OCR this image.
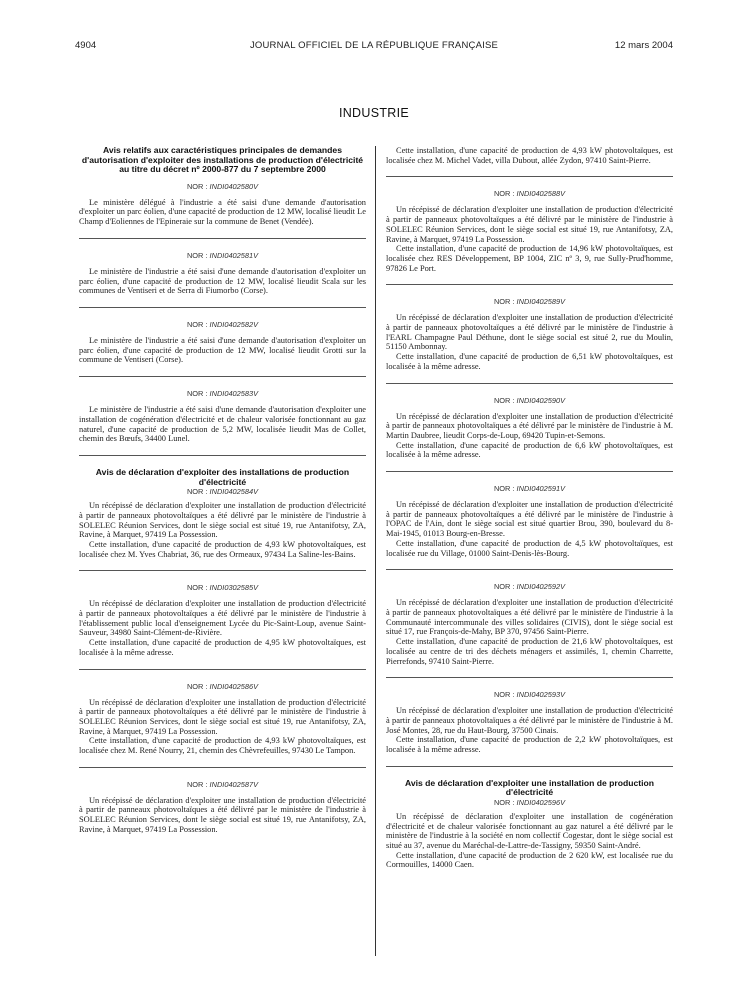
4904	JOURNAL OFFICIEL DE LA RÉPUBLIQUE FRANÇAISE	12 mars 2004
INDUSTRIE

Avis relatifs aux caractéristiques principales de demandes d'autorisation d'exploiter des installations de production d'électricité au titre du décret nº 2000-877 du 7 septembre 2000

NOR : INDI0402580V

Le ministère délégué à l'industrie a été saisi d'une demande d'autorisation d'exploiter un parc éolien, d'une capacité de production de 12 MW, localisé lieudit Le Champ d'Eoliennes de l'Epineraie sur la commune de Benet (Vendée).

NOR : INDI0402581V

Le ministère de l'industrie a été saisi d'une demande d'autorisation d'exploiter un parc éolien, d'une capacité de production de 12 MW, localisé lieudit Scala sur les communes de Ventiseri et de Serra di Fiumorbo (Corse).

NOR : INDI0402582V

Le ministère de l'industrie a été saisi d'une demande d'autorisation d'exploiter un parc éolien, d'une capacité de production de 12 MW, localisé lieudit Grotti sur la commune de Ventiseri (Corse).

NOR : INDI0402583V

Le ministère de l'industrie a été saisi d'une demande d'autorisation d'exploiter une installation de cogénération d'électricité et de chaleur valorisée fonctionnant au gaz naturel, d'une capacité de production de 5,2 MW, localisée lieudit Mas de Collet, chemin des Bœufs, 34400 Lunel.

Avis de déclaration d'exploiter des installations de production d'électricité

NOR : INDI0402584V

Un récépissé de déclaration d'exploiter une installation de production d'électricité à partir de panneaux photovoltaïques a été délivré par le ministère de l'industrie à SOLELEC Réunion Services, dont le siège social est situé 19, rue Antanifotsy, ZA, Ravine, à Marquet, 97419 La Possession.

Cette installation, d'une capacité de production de 4,93 kW photovoltaïques, est localisée chez M. Yves Chabriat, 36, rue des Ormeaux, 97434 La Saline-les-Bains.

NOR : INDI0302585V

Un récépissé de déclaration d'exploiter une installation de production d'électricité à partir de panneaux photovoltaïques a été délivré par le ministère de l'industrie à l'établissement public local d'enseignement Lycée du Pic-Saint-Loup, avenue Saint-Sauveur, 34980 Saint-Clément-de-Rivière.

Cette installation, d'une capacité de production de 4,95 kW photovoltaïques, est localisée à la même adresse.

NOR : INDI0402586V

Un récépissé de déclaration d'exploiter une installation de production d'électricité à partir de panneaux photovoltaïques a été délivré par le ministère de l'industrie à SOLELEC Réunion Services, dont le siège social est situé 19, rue Antanifotsy, ZA, Ravine, à Marquet, 97419 La Possession.

Cette installation, d'une capacité de production de 4,93 kW photovoltaïques, est localisée chez M. René Nourry, 21, chemin des Chèvrefeuilles, 97430 Le Tampon.

NOR : INDI0402587V

Un récépissé de déclaration d'exploiter une installation de production d'électricité à partir de panneaux photovoltaïques a été délivré par le ministère de l'industrie à SOLELEC Réunion Services, dont le siège social est situé 19, rue Antanifotsy, ZA, Ravine, à Marquet, 97419 La Possession.

Cette installation, d'une capacité de production de 4,93 kW photovoltaïques, est localisée chez M. Michel Vadet, villa Dubout, allée Zydon, 97410 Saint-Pierre.

NOR : INDI0402588V

Un récépissé de déclaration d'exploiter une installation de production d'électricité à partir de panneaux photovoltaïques a été délivré par le ministère de l'industrie à SOLELEC Réunion Services, dont le siège social est situé 19, rue Antanifotsy, ZA, Ravine, à Marquet, 97419 La Possession.

Cette installation, d'une capacité de production de 14,96 kW photovoltaïques, est localisée chez RES Développement, BP 1004, ZIC nº 3, 9, rue Sully-Prud'homme, 97826 Le Port.

NOR : INDI0402589V

Un récépissé de déclaration d'exploiter une installation de production d'électricité à partir de panneaux photovoltaïques a été délivré par le ministère de l'industrie à l'EARL Champagne Paul Déthune, dont le siège social est situé 2, rue du Moulin, 51150 Ambonnay.

Cette installation, d'une capacité de production de 6,51 kW photovoltaïques, est localisée à la même adresse.

NOR : INDI0402590V

Un récépissé de déclaration d'exploiter une installation de production d'électricité à partir de panneaux photovoltaïques a été délivré par le ministère de l'industrie à M. Martin Daubree, lieudit Corps-de-Loup, 69420 Tupin-et-Semons.

Cette installation, d'une capacité de production de 6,6 kW photovoltaïques, est localisée à la même adresse.

NOR : INDI0402591V

Un récépissé de déclaration d'exploiter une installation de production d'électricité à partir de panneaux photovoltaïques a été délivré par le ministère de l'industrie à l'OPAC de l'Ain, dont le siège social est situé quartier Brou, 390, boulevard du 8-Mai-1945, 01013 Bourg-en-Bresse.

Cette installation, d'une capacité de production de 4,5 kW photovoltaïques, est localisée rue du Village, 01000 Saint-Denis-lès-Bourg.

NOR : INDI0402592V

Un récépissé de déclaration d'exploiter une installation de production d'électricité à partir de panneaux photovoltaïques a été délivré par le ministère de l'industrie à la Communauté intercommunale des villes solidaires (CIVIS), dont le siège social est situé 17, rue François-de-Mahy, BP 370, 97456 Saint-Pierre.

Cette installation, d'une capacité de production de 21,6 kW photovoltaïques, est localisée au centre de tri des déchets ménagers et assimilés, 1, chemin Charrette, Pierrefonds, 97410 Saint-Pierre.

NOR : INDI0402593V

Un récépissé de déclaration d'exploiter une installation de production d'électricité à partir de panneaux photovoltaïques a été délivré par le ministère de l'industrie à M. José Montes, 28, rue du Haut-Bourg, 37500 Cinais.

Cette installation, d'une capacité de production de 2,2 kW photovoltaïques, est localisée à la même adresse.

Avis de déclaration d'exploiter une installation de production d'électricité

NOR : INDI0402596V

Un récépissé de déclaration d'exploiter une installation de cogénération d'électricité et de chaleur valorisée fonctionnant au gaz naturel a été délivré par le ministère de l'industrie à la société en nom collectif Cogestar, dont le siège social est situé au 37, avenue du Maréchal-de-Lattre-de-Tassigny, 59350 Saint-André.

Cette installation, d'une capacité de production de 2 620 kW, est localisée rue du Cormouilles, 14000 Caen.
